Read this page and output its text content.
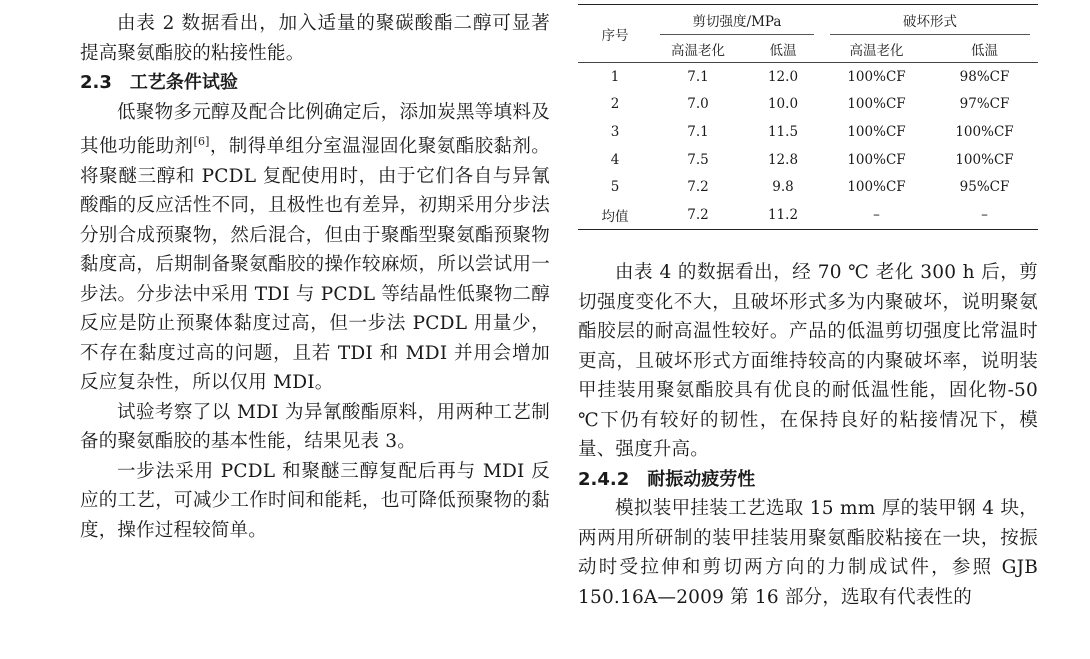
由表 2 数据看出，加入适量的聚碳酸酯二醇可显著提高聚氨酯胶的粘接性能。

2.3　工艺条件试验

低聚物多元醇及配合比例确定后，添加炭黑等填料及其他功能助剂[6]，制得单组分室温湿固化聚氨酯胶黏剂。将聚醚三醇和 PCDL 复配使用时，由于它们各自与异氰酸酯的反应活性不同，且极性也有差异，初期采用分步法分别合成预聚物，然后混合，但由于聚酯型聚氨酯预聚物黏度高，后期制备聚氨酯胶的操作较麻烦，所以尝试用一步法。分步法中采用 TDI 与 PCDL 等结晶性低聚物二醇反应是防止预聚体黏度过高，但一步法 PCDL 用量少，不存在黏度过高的问题，且若 TDI 和 MDI 并用会增加反应复杂性，所以仅用 MDI。

试验考察了以 MDI 为异氰酸酯原料，用两种工艺制备的聚氨酯胶的基本性能，结果见表 3。

一步法采用 PCDL 和聚醚三醇复配后再与 MDI 反应的工艺，可减少工作时间和能耗，也可降低预聚物的黏度，操作过程较简单。

序号	剪切强度/MPa		破坏形式	
	高温老化	低温	高温老化	低温
1	7.1	12.0	100%CF	98%CF
2	7.0	10.0	100%CF	97%CF
3	7.1	11.5	100%CF	100%CF
4	7.5	12.8	100%CF	100%CF
5	7.2	9.8	100%CF	95%CF
均值	7.2	11.2	–	–

由表 4 的数据看出，经 70 ℃ 老化 300 h 后，剪切强度变化不大，且破坏形式多为内聚破坏，说明聚氨酯胶层的耐高温性较好。产品的低温剪切强度比常温时更高，且破坏形式方面维持较高的内聚破坏率，说明装甲挂装用聚氨酯胶具有优良的耐低温性能，固化物-50 ℃下仍有较好的韧性，在保持良好的粘接情况下，模量、强度升高。

2.4.2　耐振动疲劳性

模拟装甲挂装工艺选取 15 mm 厚的装甲钢 4 块，两两用所研制的装甲挂装用聚氨酯胶粘接在一块，按振动时受拉伸和剪切两方向的力制成试件，参照 GJB 150.16A—2009 第 16 部分，选取有代表性的
